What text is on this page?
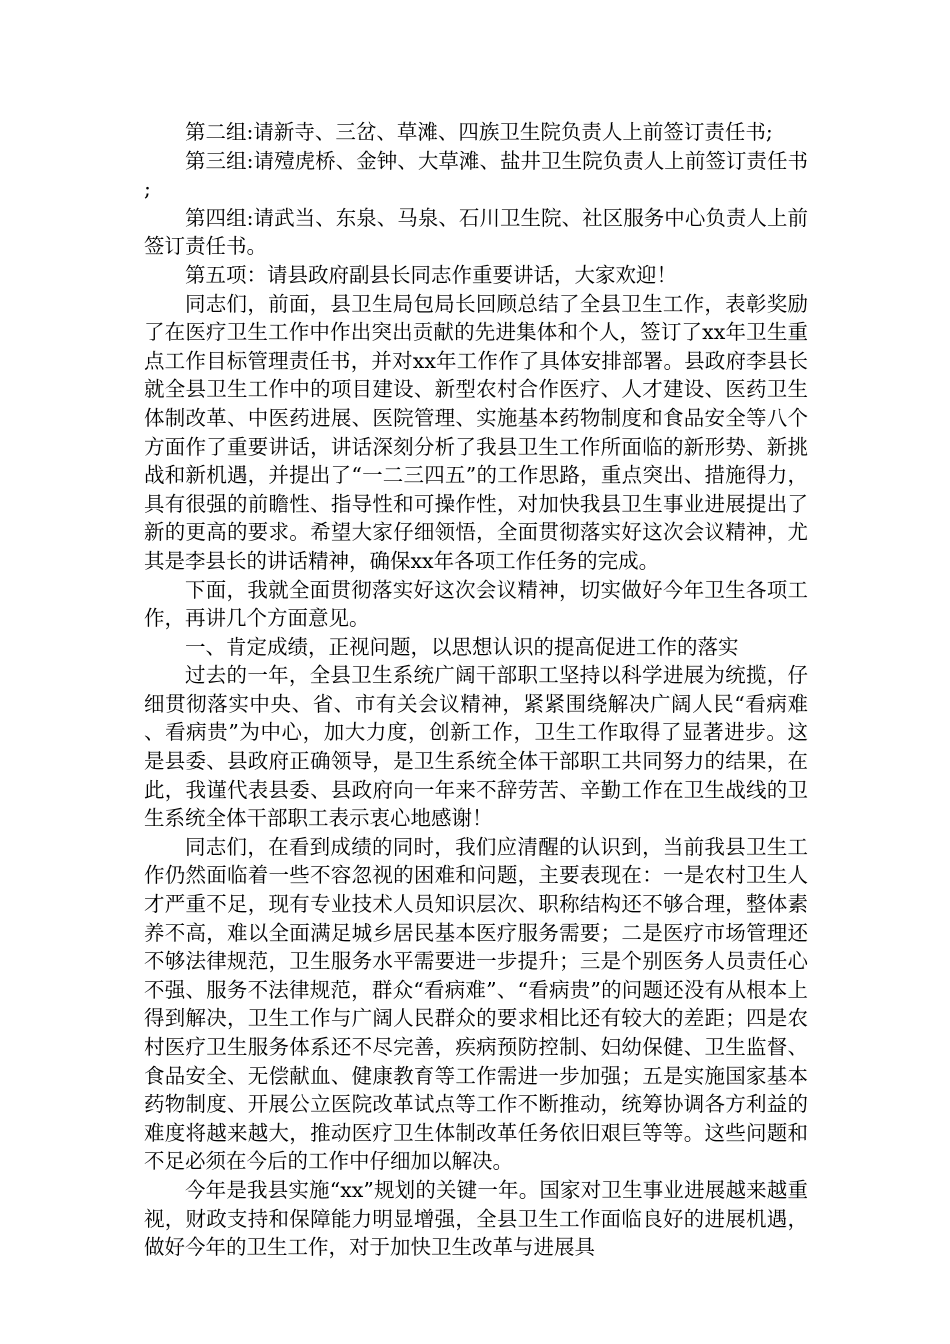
第二组:请新寺、三岔、草滩、四族卫生院负责人上前签订责任书;

第三组:请殪虎桥、金钟、大草滩、盐井卫生院负责人上前签订责任书;

第四组:请武当、东泉、马泉、石川卫生院、社区服务中心负责人上前签订责任书。

第五项：请县政府副县长同志作重要讲话，大家欢迎！

同志们，前面，县卫生局包局长回顾总结了全县卫生工作，表彰奖励了在医疗卫生工作中作出突出贡献的先进集体和个人，签订了xx年卫生重点工作目标管理责任书，并对xx年工作作了具体安排部署。县政府李县长就全县卫生工作中的项目建设、新型农村合作医疗、人才建设、医药卫生体制改革、中医药进展、医院管理、实施基本药物制度和食品安全等八个方面作了重要讲话，讲话深刻分析了我县卫生工作所面临的新形势、新挑战和新机遇，并提出了“一二三四五”的工作思路，重点突出、措施得力，具有很强的前瞻性、指导性和可操作性，对加快我县卫生事业进展提出了新的更高的要求。希望大家仔细领悟，全面贯彻落实好这次会议精神，尤其是李县长的讲话精神，确保xx年各项工作任务的完成。

下面，我就全面贯彻落实好这次会议精神，切实做好今年卫生各项工作，再讲几个方面意见。

一、肯定成绩，正视问题，以思想认识的提高促进工作的落实

过去的一年，全县卫生系统广阔干部职工坚持以科学进展为统揽，仔细贯彻落实中央、省、市有关会议精神，紧紧围绕解决广阔人民“看病难、看病贵”为中心，加大力度，创新工作，卫生工作取得了显著进步。这是县委、县政府正确领导，是卫生系统全体干部职工共同努力的结果，在此，我谨代表县委、县政府向一年来不辞劳苦、辛勤工作在卫生战线的卫生系统全体干部职工表示衷心地感谢！

同志们，在看到成绩的同时，我们应清醒的认识到，当前我县卫生工作仍然面临着一些不容忽视的困难和问题，主要表现在：一是农村卫生人才严重不足，现有专业技术人员知识层次、职称结构还不够合理，整体素养不高，难以全面满足城乡居民基本医疗服务需要；二是医疗市场管理还不够法律规范，卫生服务水平需要进一步提升；三是个别医务人员责任心不强、服务不法律规范，群众“看病难”、“看病贵”的问题还没有从根本上得到解决，卫生工作与广阔人民群众的要求相比还有较大的差距；四是农村医疗卫生服务体系还不尽完善，疾病预防控制、妇幼保健、卫生监督、食品安全、无偿献血、健康教育等工作需进一步加强；五是实施国家基本药物制度、开展公立医院改革试点等工作不断推动，统筹协调各方利益的难度将越来越大，推动医疗卫生体制改革任务依旧艰巨等等。这些问题和不足必须在今后的工作中仔细加以解决。

今年是我县实施“xx”规划的关键一年。国家对卫生事业进展越来越重视，财政支持和保障能力明显增强，全县卫生工作面临良好的进展机遇，做好今年的卫生工作，对于加快卫生改革与进展具
